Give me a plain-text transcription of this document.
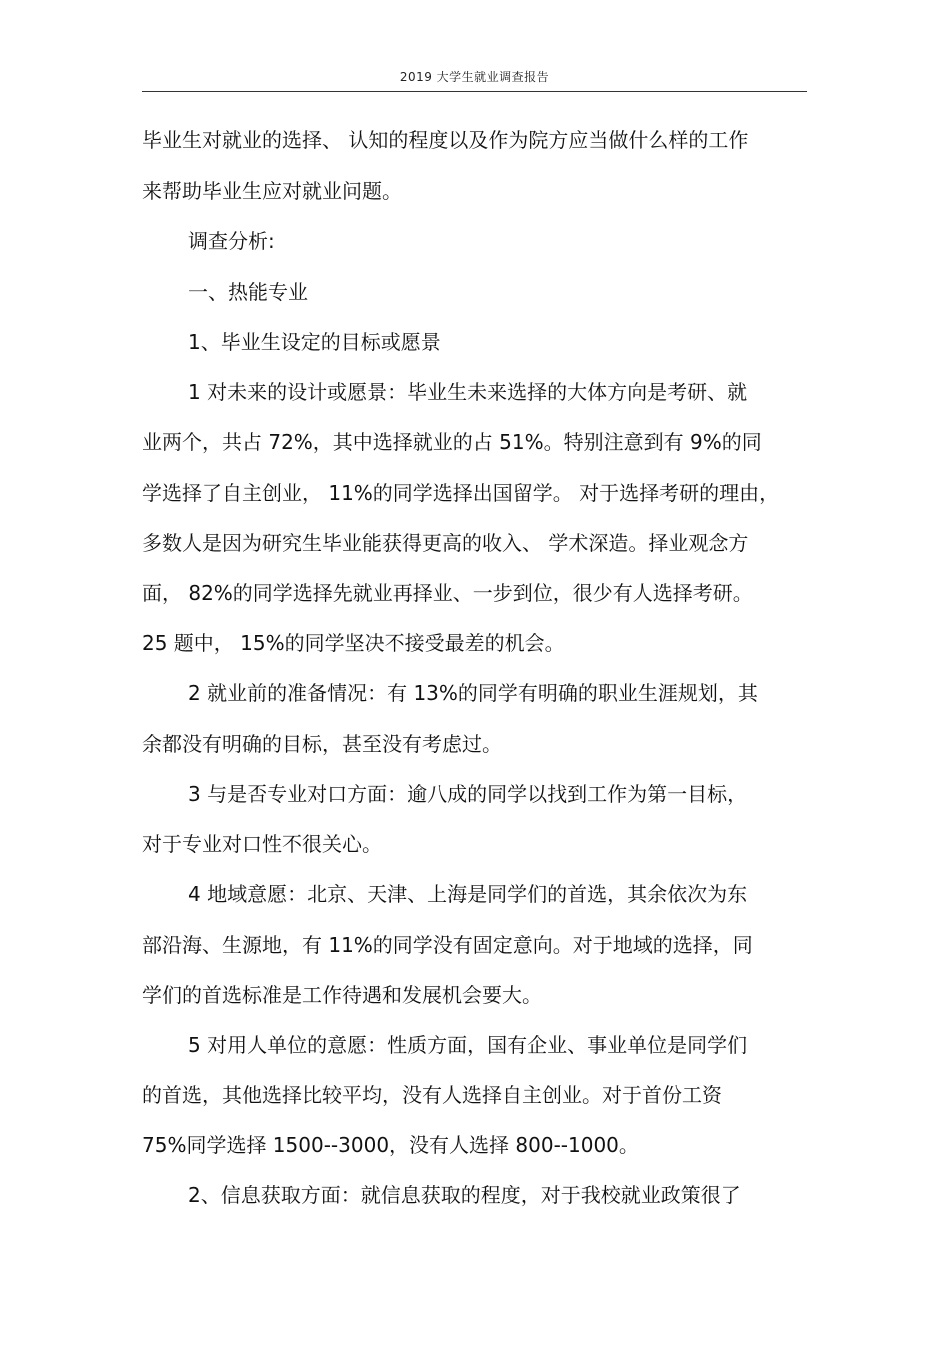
2019 大学生就业调查报告
毕业生对就业的选择、 认知的程度以及作为院方应当做什么样的工作
来帮助毕业生应对就业问题。
调查分析:
一、热能专业
1、毕业生设定的目标或愿景
1 对未来的设计或愿景：毕业生未来选择的大体方向是考研、就
业两个，共占 72%，其中选择就业的占 51%。特别注意到有 9%的同
学选择了自主创业， 11%的同学选择出国留学。 对于选择考研的理由，
多数人是因为研究生毕业能获得更高的收入、 学术深造。择业观念方
面， 82%的同学选择先就业再择业、一步到位，很少有人选择考研。
25 题中， 15%的同学坚决不接受最差的机会。
2 就业前的准备情况：有 13%的同学有明确的职业生涯规划，其
余都没有明确的目标，甚至没有考虑过。
3 与是否专业对口方面：逾八成的同学以找到工作为第一目标，
对于专业对口性不很关心。
4 地域意愿：北京、天津、上海是同学们的首选，其余依次为东
部沿海、生源地，有 11%的同学没有固定意向。对于地域的选择，同
学们的首选标准是工作待遇和发展机会要大。
5 对用人单位的意愿：性质方面，国有企业、事业单位是同学们
的首选，其他选择比较平均，没有人选择自主创业。对于首份工资
75%同学选择 1500--3000，没有人选择 800--1000。
2、信息获取方面：就信息获取的程度，对于我校就业政策很了
